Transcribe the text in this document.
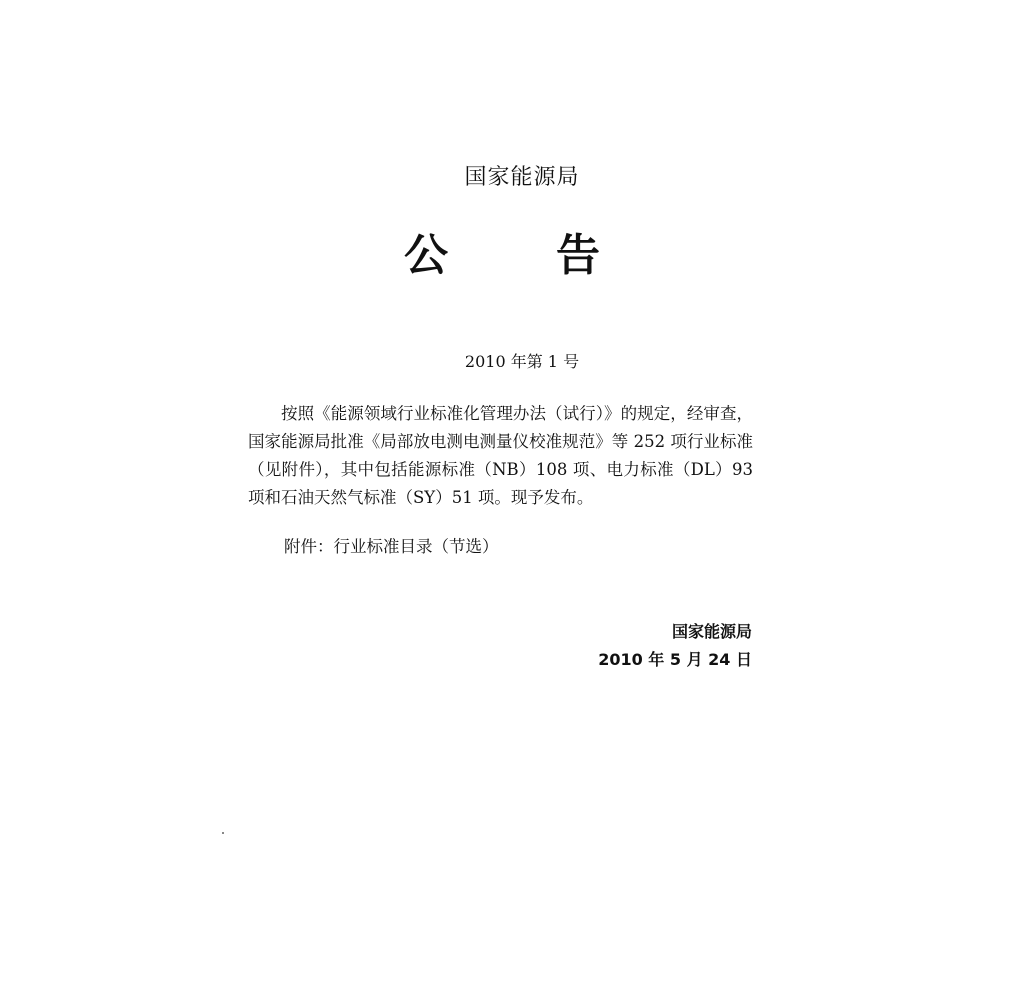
国家能源局
公 告
2010 年第 1 号

按照《能源领域行业标准化管理办法（试行）》的规定，经审查，国家能源局批准《局部放电测电测量仪校准规范》等 252 项行业标准（见附件），其中包括能源标准（NB）108 项、电力标准（DL）93 项和石油天然气标准（SY）51 项。现予发布。

附件：行业标准目录（节选）
国家能源局
2010 年 5 月 24 日
